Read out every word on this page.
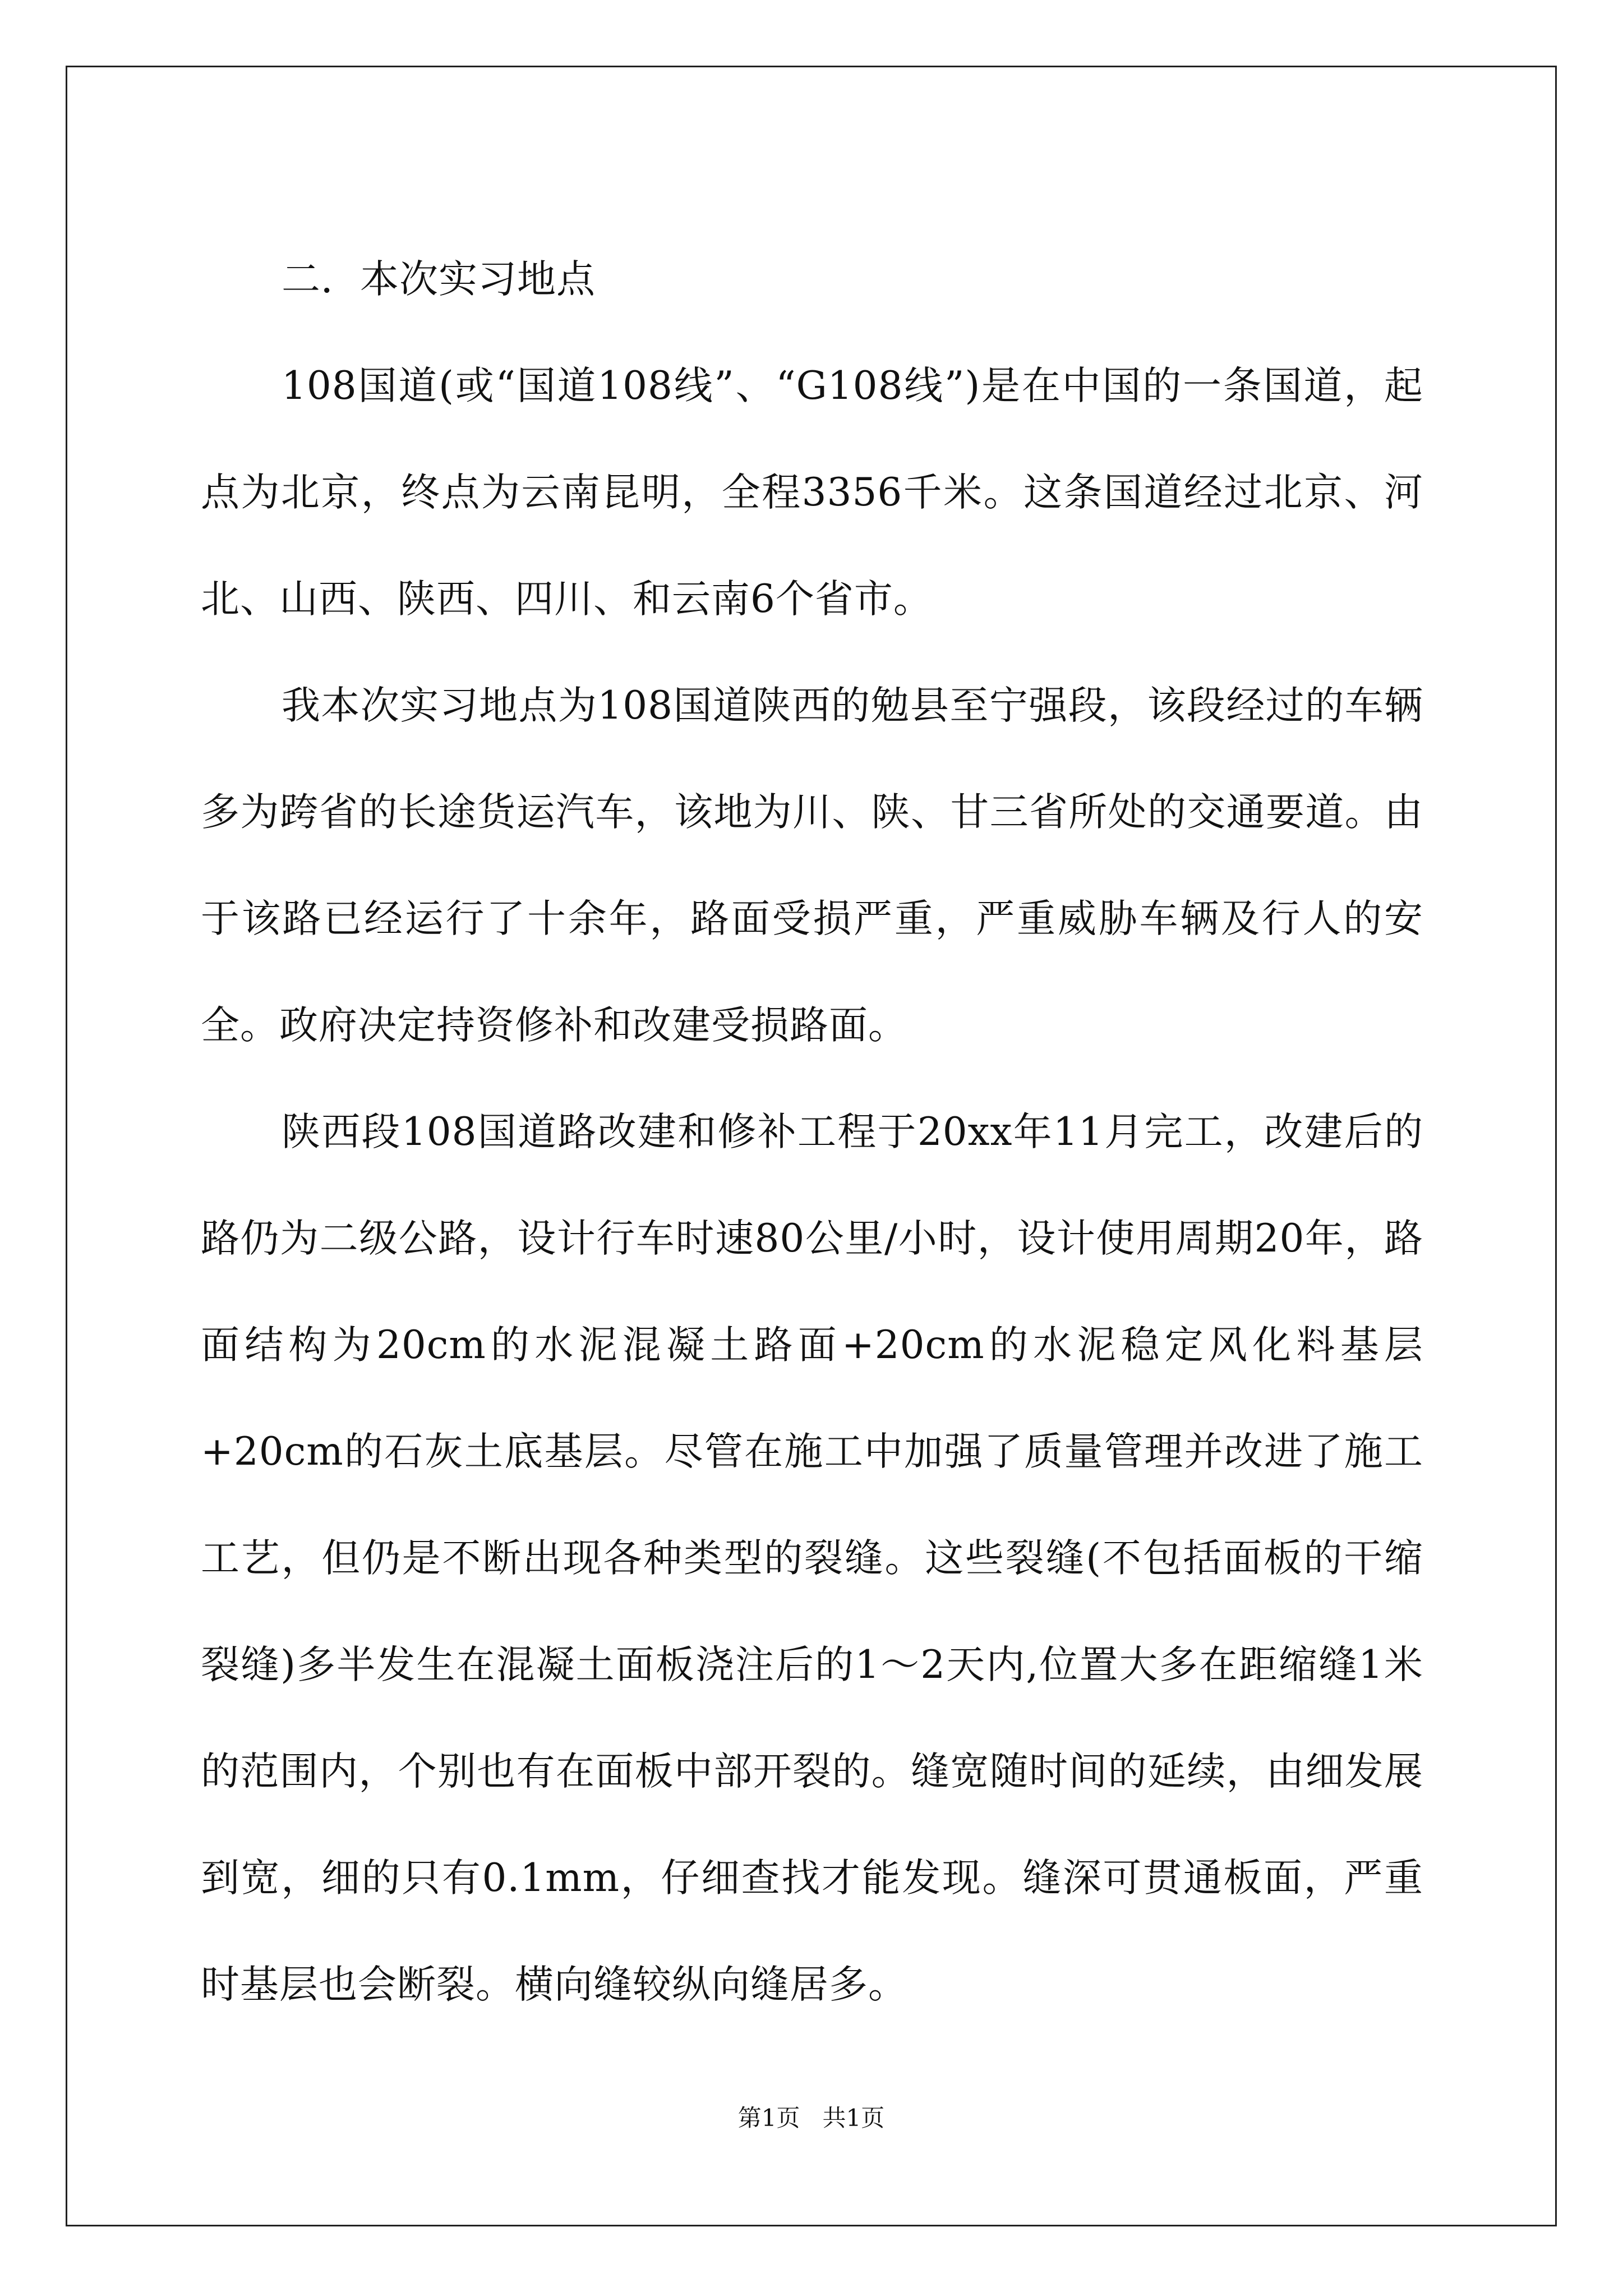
二．本次实习地点

108国道(或“国道108线”、“G108线”)是在中国的一条国道，起点为北京，终点为云南昆明，全程3356千米。这条国道经过北京、河北、山西、陕西、四川、和云南6个省市。

我本次实习地点为108国道陕西的勉县至宁强段，该段经过的车辆多为跨省的长途货运汽车，该地为川、陕、甘三省所处的交通要道。由于该路已经运行了十余年，路面受损严重，严重威胁车辆及行人的安全。政府决定持资修补和改建受损路面。

陕西段108国道路改建和修补工程于20xx年11月完工，改建后的路仍为二级公路，设计行车时速80公里/小时，设计使用周期20年，路面结构为20cm的水泥混凝土路面+20cm的水泥稳定风化料基层+20cm的石灰土底基层。尽管在施工中加强了质量管理并改进了施工工艺，但仍是不断出现各种类型的裂缝。这些裂缝(不包括面板的干缩裂缝)多半发生在混凝土面板浇注后的1～2天内,位置大多在距缩缝1米的范围内，个别也有在面板中部开裂的。缝宽随时间的延续，由细发展到宽，细的只有0.1mm，仔细查找才能发现。缝深可贯通板面，严重时基层也会断裂。横向缝较纵向缝居多。

第1页   共1页
